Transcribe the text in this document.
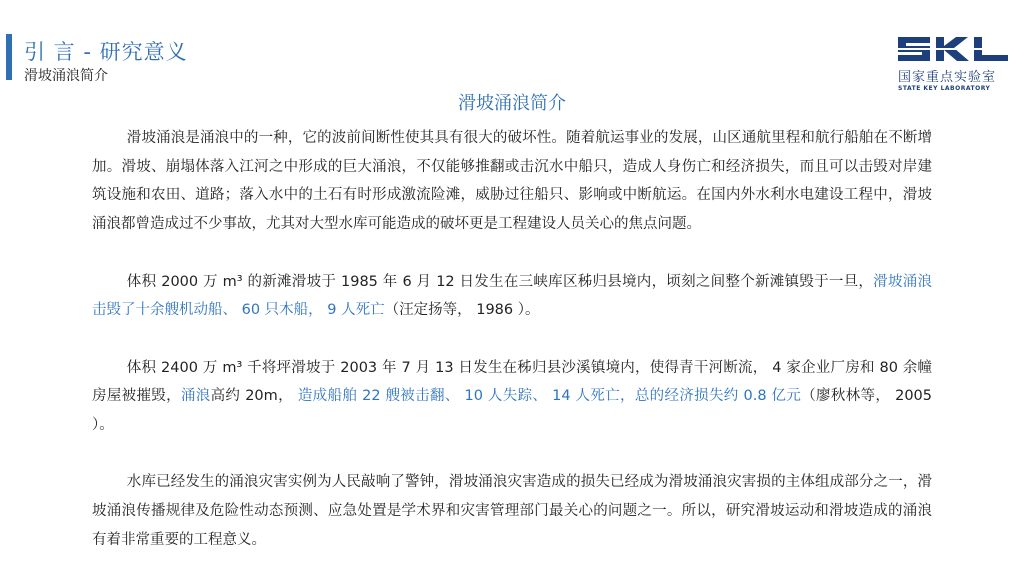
引 言 - 研究意义
滑坡涌浪简介	国家重点实验室
STATE KEY LABORATORY
滑坡涌浪简介

滑坡涌浪是涌浪中的一种，它的波前间断性使其具有很大的破坏性。随着航运事业的发展，山区通航里程和航行船舶在不断增加。滑坡、崩塌体落入江河之中形成的巨大涌浪，不仅能够推翻或击沉水中船只，造成人身伤亡和经济损失，而且可以击毁对岸建筑设施和农田、道路；落入水中的土石有时形成激流险滩，威胁过往船只、影响或中断航运。在国内外水利水电建设工程中，滑坡涌浪都曾造成过不少事故，尤其对大型水库可能造成的破坏更是工程建设人员关心的焦点问题。

体积 2000 万 m³ 的新滩滑坡于 1985 年 6 月 12 日发生在三峡库区秭归县境内，顷刻之间整个新滩镇毁于一旦，滑坡涌浪击毁了十余艘机动船、 60 只木船， 9 人死亡（汪定扬等， 1986 ）。

体积 2400 万 m³ 千将坪滑坡于 2003 年 7 月 13 日发生在秭归县沙溪镇境内，使得青干河断流， 4 家企业厂房和 80 余幢房屋被摧毁，涌浪高约 20m， 造成船舶 22 艘被击翻、 10 人失踪、 14 人死亡，总的经济损失约 0.8 亿元（廖秋林等， 2005 ）。

水库已经发生的涌浪灾害实例为人民敲响了警钟，滑坡涌浪灾害造成的损失已经成为滑坡涌浪灾害损的主体组成部分之一，滑坡涌浪传播规律及危险性动态预测、应急处置是学术界和灾害管理部门最关心的问题之一。所以，研究滑坡运动和滑坡造成的涌浪有着非常重要的工程意义。
